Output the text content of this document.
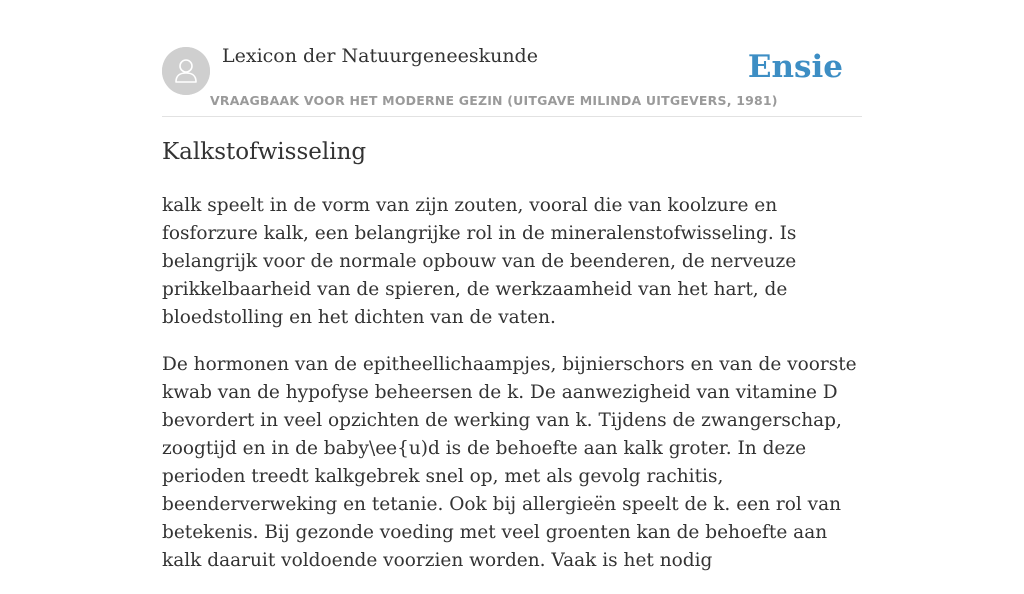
Lexicon der Natuurgeneeskunde
VRAAGBAAK VOOR HET MODERNE GEZIN (UITGAVE MILINDA UITGEVERS, 1981)
Ensie
Kalkstofwisseling

kalk speelt in de vorm van zijn zouten, vooral die van koolzure en fosforzure kalk, een belangrijke rol in de mineralenstofwisseling. Is belangrijk voor de normale opbouw van de beenderen, de nerveuze prikkelbaarheid van de spieren, de werkzaamheid van het hart, de bloedstolling en het dichten van de vaten.

De hormonen van de epitheellichaampjes, bijnierschors en van de voorste kwab van de hypofyse beheersen de k. De aanwezigheid van vitamine D bevordert in veel opzichten de werking van k. Tijdens de zwangerschap, zoogtijd en in de baby\ee{u)d is de behoefte aan kalk groter. In deze perioden treedt kalkgebrek snel op, met als gevolg rachitis, beenderverweking en tetanie. Ook bij allergieën speelt de k. een rol van betekenis. Bij gezonde voeding met veel groenten kan de behoefte aan kalk daaruit voldoende voorzien worden. Vaak is het nodig
